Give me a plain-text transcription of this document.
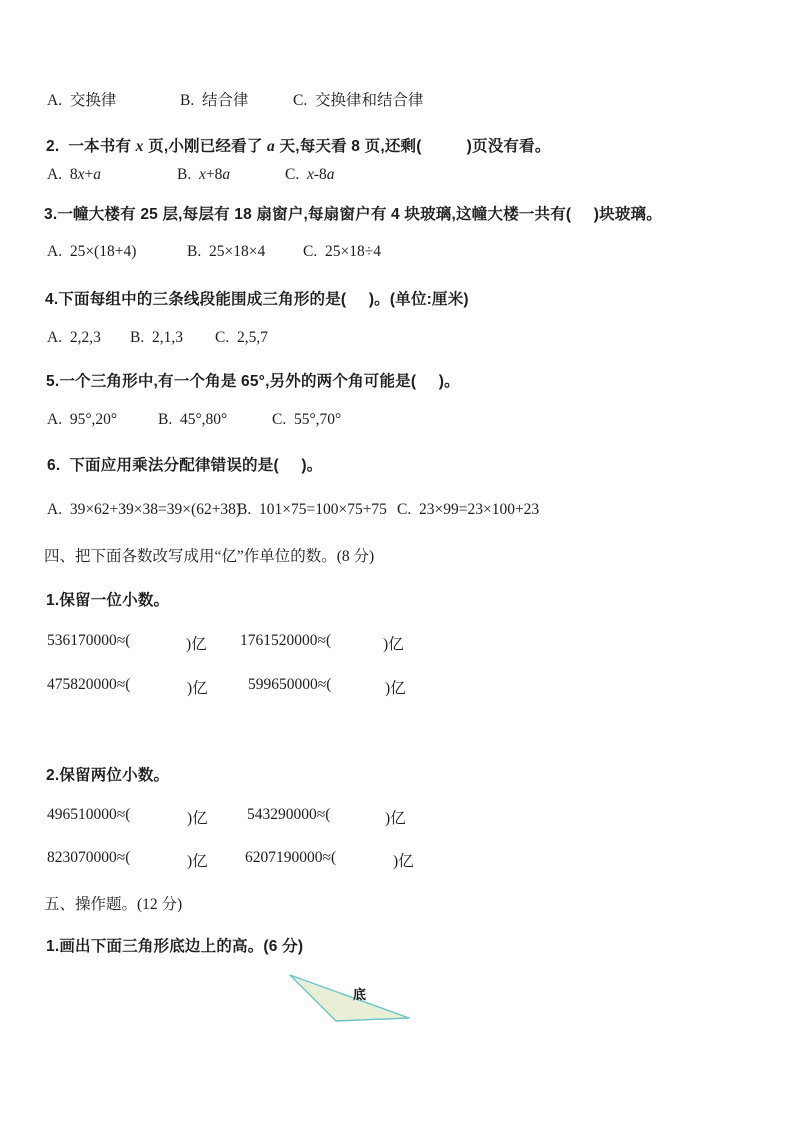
A.  交换律	B.  结合律	C.  交换律和结合律
2.  一本书有 x 页,小刚已经看了 a 天,每天看 8 页,还剩(          )页没有看。
A.  8x+a	B.  x+8a	C.  x-8a
3.一幢大楼有 25 层,每层有 18 扇窗户,每扇窗户有 4 块玻璃,这幢大楼一共有(     )块玻璃。
A.  25×(18+4)	B.  25×18×4 C.  25×18÷4
4.下面每组中的三条线段能围成三角形的是(     )。(单位:厘米)
A.  2,2,3 B.  2,1,3 C.  2,5,7
5.一个三角形中,有一个角是 65°,另外的两个角可能是(     )。
A.  95°,20°	B.  45°,80°	C.  55°,70°
6.  下面应用乘法分配律错误的是(     )。
A.  39×62+39×38=39×(62+38)
B.  101×75=100×75+75 C.  23×99=23×100+23
四、把下面各数改写成用“亿”作单位的数。(8 分)
1.保留一位小数。
536170000≈(	)亿 1761520000≈(	)亿
475820000≈(	)亿	599650000≈(	)亿
2.保留两位小数。
496510000≈(	)亿	543290000≈(	)亿
823070000≈(	)亿 6207190000≈(	)亿
五、操作题。(12 分)
1.画出下面三角形底边上的高。(6 分)
底
